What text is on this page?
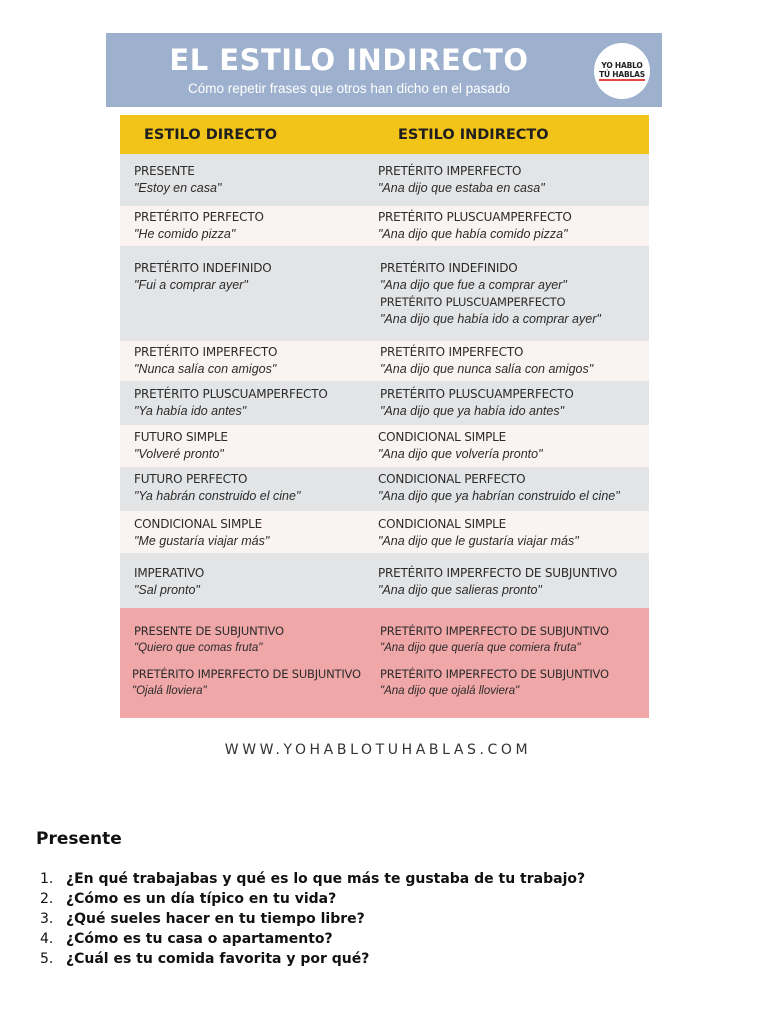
EL ESTILO INDIRECTO
Cómo repetir frases que otros han dicho en el pasado
YO HABLO
TÚ HABLAS
ESTILO DIRECTO	ESTILO INDIRECTO
PRESENTE
"Estoy en casa"
PRETÉRITO IMPERFECTO
"Ana dijo que estaba en casa"
PRETÉRITO PERFECTO
"He comido pizza"
PRETÉRITO PLUSCUAMPERFECTO
"Ana dijo que había comido pizza"
PRETÉRITO INDEFINIDO
"Fui a comprar ayer"
PRETÉRITO INDEFINIDO
"Ana dijo que fue a comprar ayer"
PRETÉRITO PLUSCUAMPERFECTO
"Ana dijo que había ido a comprar ayer"
PRETÉRITO IMPERFECTO
"Nunca salía con amigos"
PRETÉRITO IMPERFECTO
"Ana dijo que nunca salía con amigos"
PRETÉRITO PLUSCUAMPERFECTO
"Ya había ido antes"
PRETÉRITO PLUSCUAMPERFECTO
"Ana dijo que ya había ido antes"
FUTURO SIMPLE
"Volveré pronto"
CONDICIONAL SIMPLE
"Ana dijo que volvería pronto"
FUTURO PERFECTO
"Ya habrán construido el cine"
CONDICIONAL PERFECTO
"Ana dijo que ya habrían construido el cine"
CONDICIONAL SIMPLE
"Me gustaría viajar más"
CONDICIONAL SIMPLE
"Ana dijo que le gustaría viajar más"
IMPERATIVO
"Sal pronto"
PRETÉRITO IMPERFECTO DE SUBJUNTIVO
"Ana dijo que salieras pronto"
PRESENTE DE SUBJUNTIVO
"Quiero que comas fruta"
PRETÉRITO IMPERFECTO DE SUBJUNTIVO
"Ana dijo que quería que comiera fruta"
PRETÉRITO IMPERFECTO DE SUBJUNTIVO
"Ojalá lloviera"
PRETÉRITO IMPERFECTO DE SUBJUNTIVO
"Ana dijo que ojalá lloviera"
WWW.YOHABLOTUHABLAS.COM
Presente
1. ¿En qué trabajabas y qué es lo que más te gustaba de tu trabajo?
2. ¿Cómo es un día típico en tu vida?
3. ¿Qué sueles hacer en tu tiempo libre?
4. ¿Cómo es tu casa o apartamento?
5. ¿Cuál es tu comida favorita y por qué?
